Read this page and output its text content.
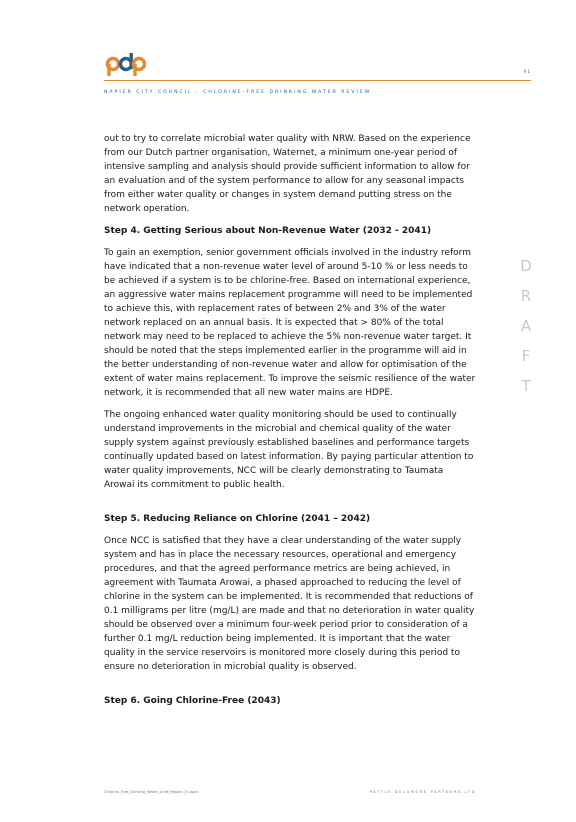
91
NAPIER CITY COUNCIL - CHLORINE-FREE DRINKING WATER REVIEW

out to try to correlate microbial water quality with NRW. Based on the experience from our Dutch partner organisation, Waternet, a minimum one-year period of intensive sampling and analysis should provide sufficient information to allow for an evaluation and of the system performance to allow for any seasonal impacts from either water quality or changes in system demand putting stress on the network operation.

Step 4. Getting Serious about Non-Revenue Water (2032 - 2041)

To gain an exemption, senior government officials involved in the industry reform have indicated that a non-revenue water level of around 5-10 % or less needs to be achieved if a system is to be chlorine-free. Based on international experience, an aggressive water mains replacement programme will need to be implemented to achieve this, with replacement rates of between 2% and 3% of the water network replaced on an annual basis. It is expected that > 80% of the total network may need to be replaced to achieve the 5% non-revenue water target. It should be noted that the steps implemented earlier in the programme will aid in the better understanding of non-revenue water and allow for optimisation of the extent of water mains replacement. To improve the seismic resilience of the water network, it is recommended that all new water mains are HDPE.

The ongoing enhanced water quality monitoring should be used to continually understand improvements in the microbial and chemical quality of the water supply system against previously established baselines and performance targets continually updated based on latest information. By paying particular attention to water quality improvements, NCC will be clearly demonstrating to Taumata Arowai its commitment to public health.

Step 5. Reducing Reliance on Chlorine (2041 – 2042)

Once NCC is satisfied that they have a clear understanding of the water supply system and has in place the necessary resources, operational and emergency procedures, and that the agreed performance metrics are being achieved, in agreement with Taumata Arowai, a phased approached to reducing the level of chlorine in the system can be implemented. It is recommended that reductions of 0.1 milligrams per litre (mg/L) are made and that no deterioration in water quality should be observed over a minimum four-week period prior to consideration of a further 0.1 mg/L reduction being implemented. It is important that the water quality in the service reservoirs is monitored more closely during this period to ensure no deterioration in microbial quality is observed.

Step 6. Going Chlorine-Free (2043)

D
R
A
F
T
Chlorine_Free_Drinking_Water_Draft_Report (7).docx	PATTLE DELAMORE PARTNERS LTD
